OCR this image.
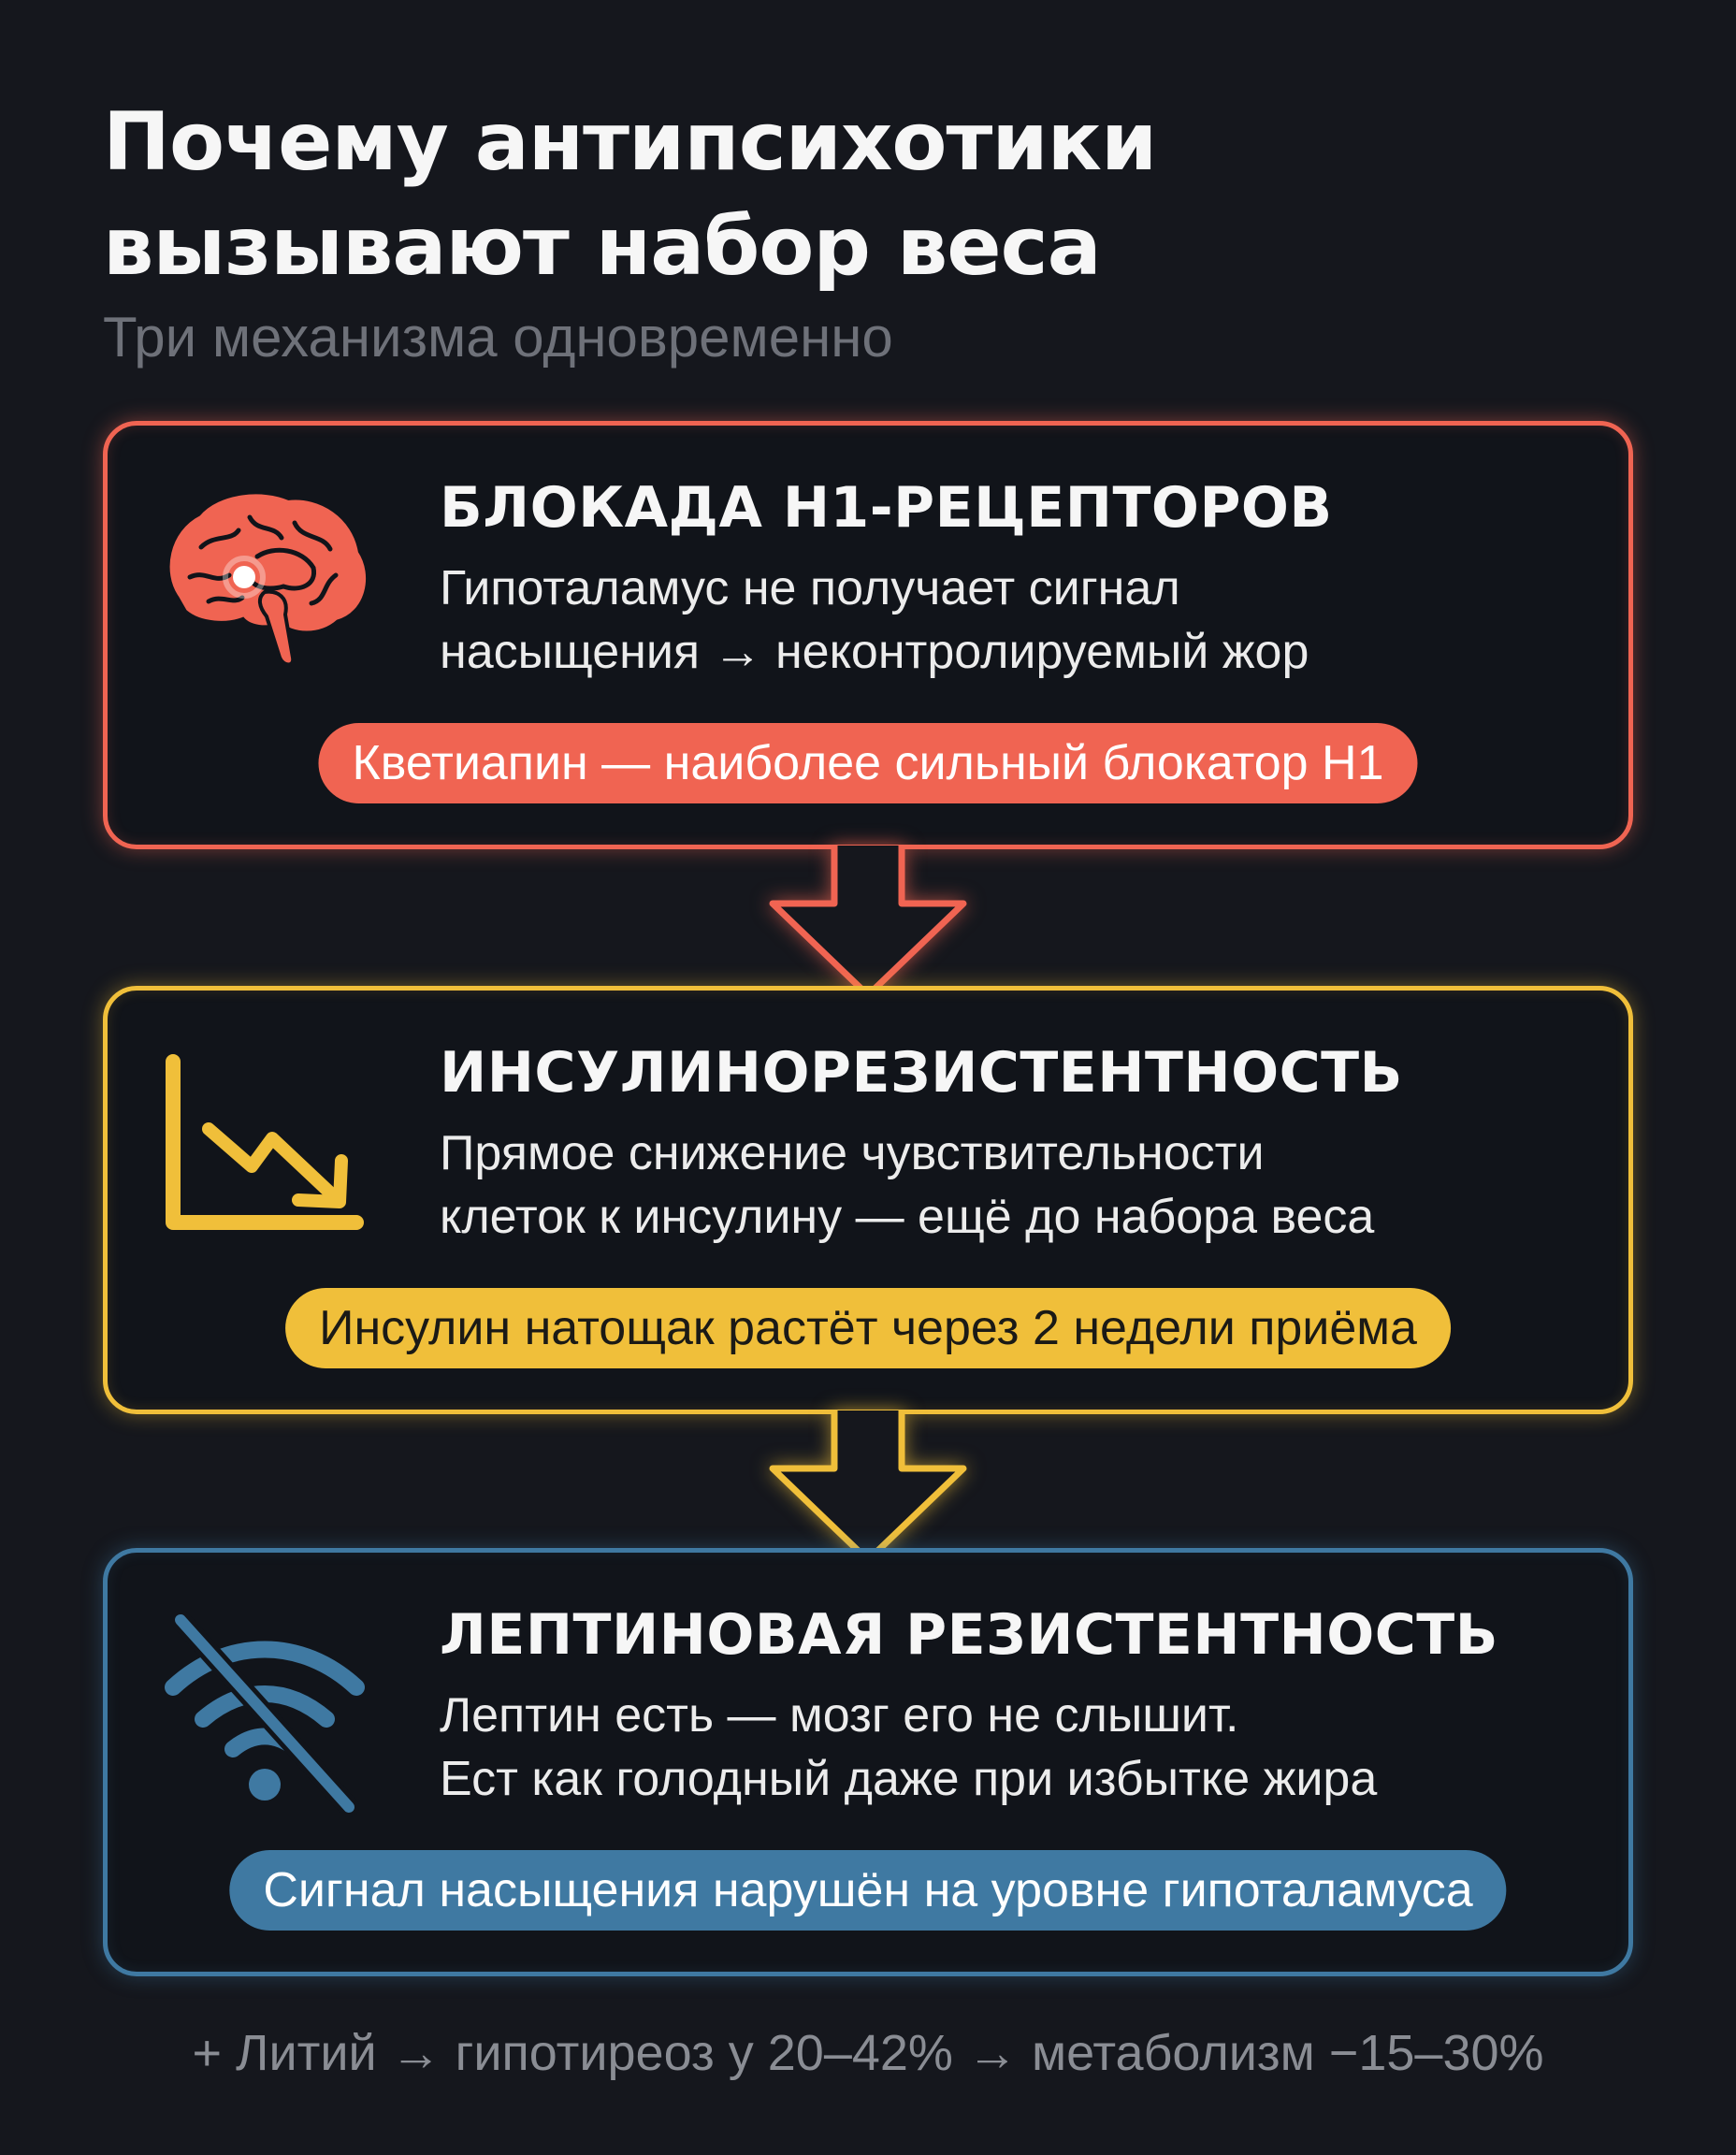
Почему антипсихотики
вызывают набор веса
Три механизма одновременно
БЛОКАДА H1-РЕЦЕПТОРОВ
Гипоталамус не получает сигнал
насыщения → неконтролируемый жор
Кветиапин — наиболее сильный блокатор H1
ИНСУЛИНОРЕЗИСТЕНТНОСТЬ
Прямое снижение чувствительности
клеток к инсулину — ещё до набора веса
Инсулин натощак растёт через 2 недели приёма
ЛЕПТИНОВАЯ РЕЗИСТЕНТНОСТЬ
Лептин есть — мозг его не слышит.
Ест как голодный даже при избытке жира
Сигнал насыщения нарушён на уровне гипоталамуса
+ Литий → гипотиреоз у 20–42% → метаболизм −15–30%
